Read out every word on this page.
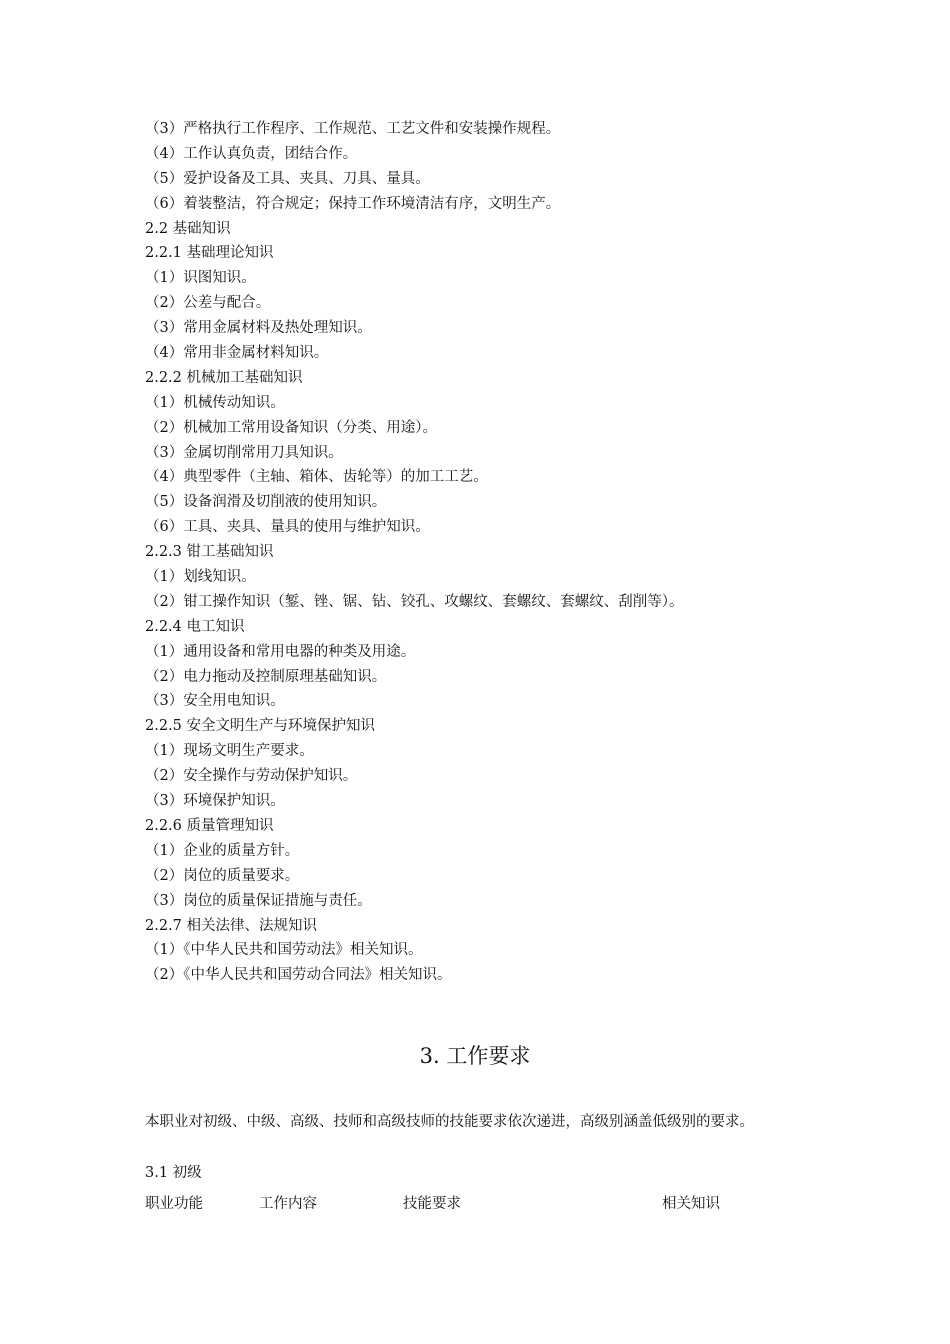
（3）严格执行工作程序、工作规范、工艺文件和安装操作规程。
（4）工作认真负责，团结合作。
（5）爱护设备及工具、夹具、刀具、量具。
（6）着装整洁，符合规定；保持工作环境清洁有序，文明生产。
2.2 基础知识
2.2.1 基础理论知识
（1）识图知识。
（2）公差与配合。
（3）常用金属材料及热处理知识。
（4）常用非金属材料知识。
2.2.2 机械加工基础知识
（1）机械传动知识。
（2）机械加工常用设备知识（分类、用途）。
（3）金属切削常用刀具知识。
（4）典型零件（主轴、箱体、齿轮等）的加工工艺。
（5）设备润滑及切削液的使用知识。
（6）工具、夹具、量具的使用与维护知识。
2.2.3 钳工基础知识
（1）划线知识。
（2）钳工操作知识（錾、锉、锯、钻、铰孔、攻螺纹、套螺纹、套螺纹、刮削等）。
2.2.4 电工知识
（1）通用设备和常用电器的种类及用途。
（2）电力拖动及控制原理基础知识。
（3）安全用电知识。
2.2.5 安全文明生产与环境保护知识
（1）现场文明生产要求。
（2）安全操作与劳动保护知识。
（3）环境保护知识。
2.2.6 质量管理知识
（1）企业的质量方针。
（2）岗位的质量要求。
（3）岗位的质量保证措施与责任。
2.2.7 相关法律、法规知识
（1）《中华人民共和国劳动法》相关知识。
（2）《中华人民共和国劳动合同法》相关知识。
3. 工作要求
本职业对初级、中级、高级、技师和高级技师的技能要求依次递进，高级别涵盖低级别的要求。
3.1 初级
职业功能	工作内容	技能要求	相关知识
